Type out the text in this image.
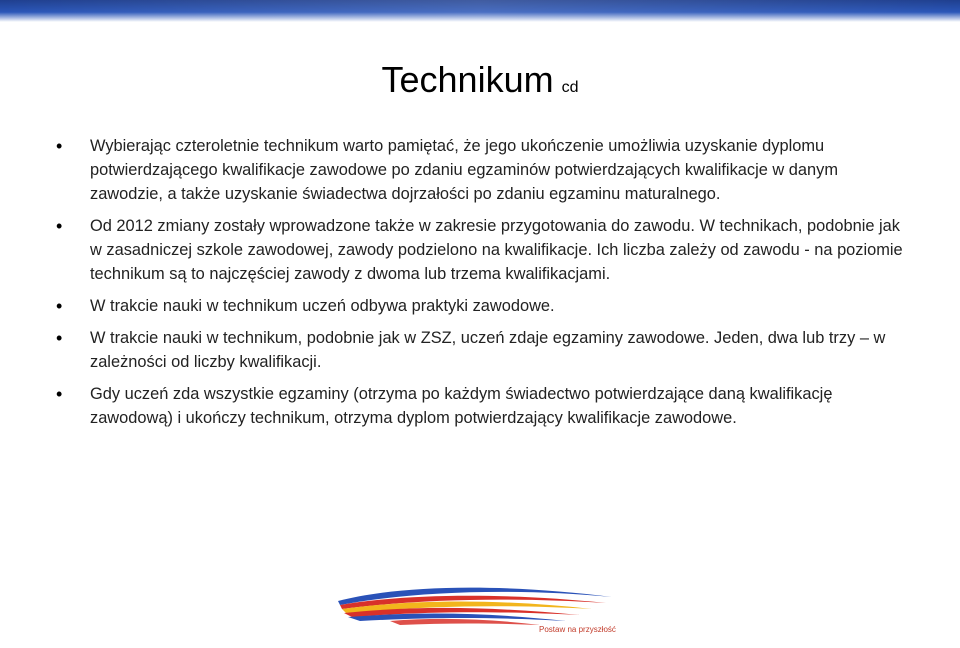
Technikum cd
• Wybierając czteroletnie technikum warto pamiętać, że jego ukończenie umożliwia uzyskanie dyplomu potwierdzającego kwalifikacje zawodowe po zdaniu egzaminów potwierdzających kwalifikacje w danym zawodzie, a także uzyskanie świadectwa dojrzałości po zdaniu egzaminu maturalnego.
• Od 2012 zmiany zostały wprowadzone także w zakresie przygotowania do zawodu. W technikach, podobnie jak w zasadniczej szkole zawodowej, zawody podzielono na kwalifikacje. Ich liczba zależy od zawodu - na poziomie technikum są to najczęściej zawody z dwoma lub trzema kwalifikacjami.
• W trakcie nauki w technikum uczeń odbywa praktyki zawodowe.
• W trakcie nauki w technikum, podobnie jak w ZSZ, uczeń zdaje egzaminy zawodowe. Jeden, dwa lub trzy – w zależności od liczby kwalifikacji.
• Gdy uczeń zda wszystkie egzaminy (otrzyma po każdym świadectwo potwierdzające daną kwalifikację zawodową) i ukończy technikum, otrzyma dyplom potwierdzający kwalifikacje zawodowe.
Postaw na przyszłość
